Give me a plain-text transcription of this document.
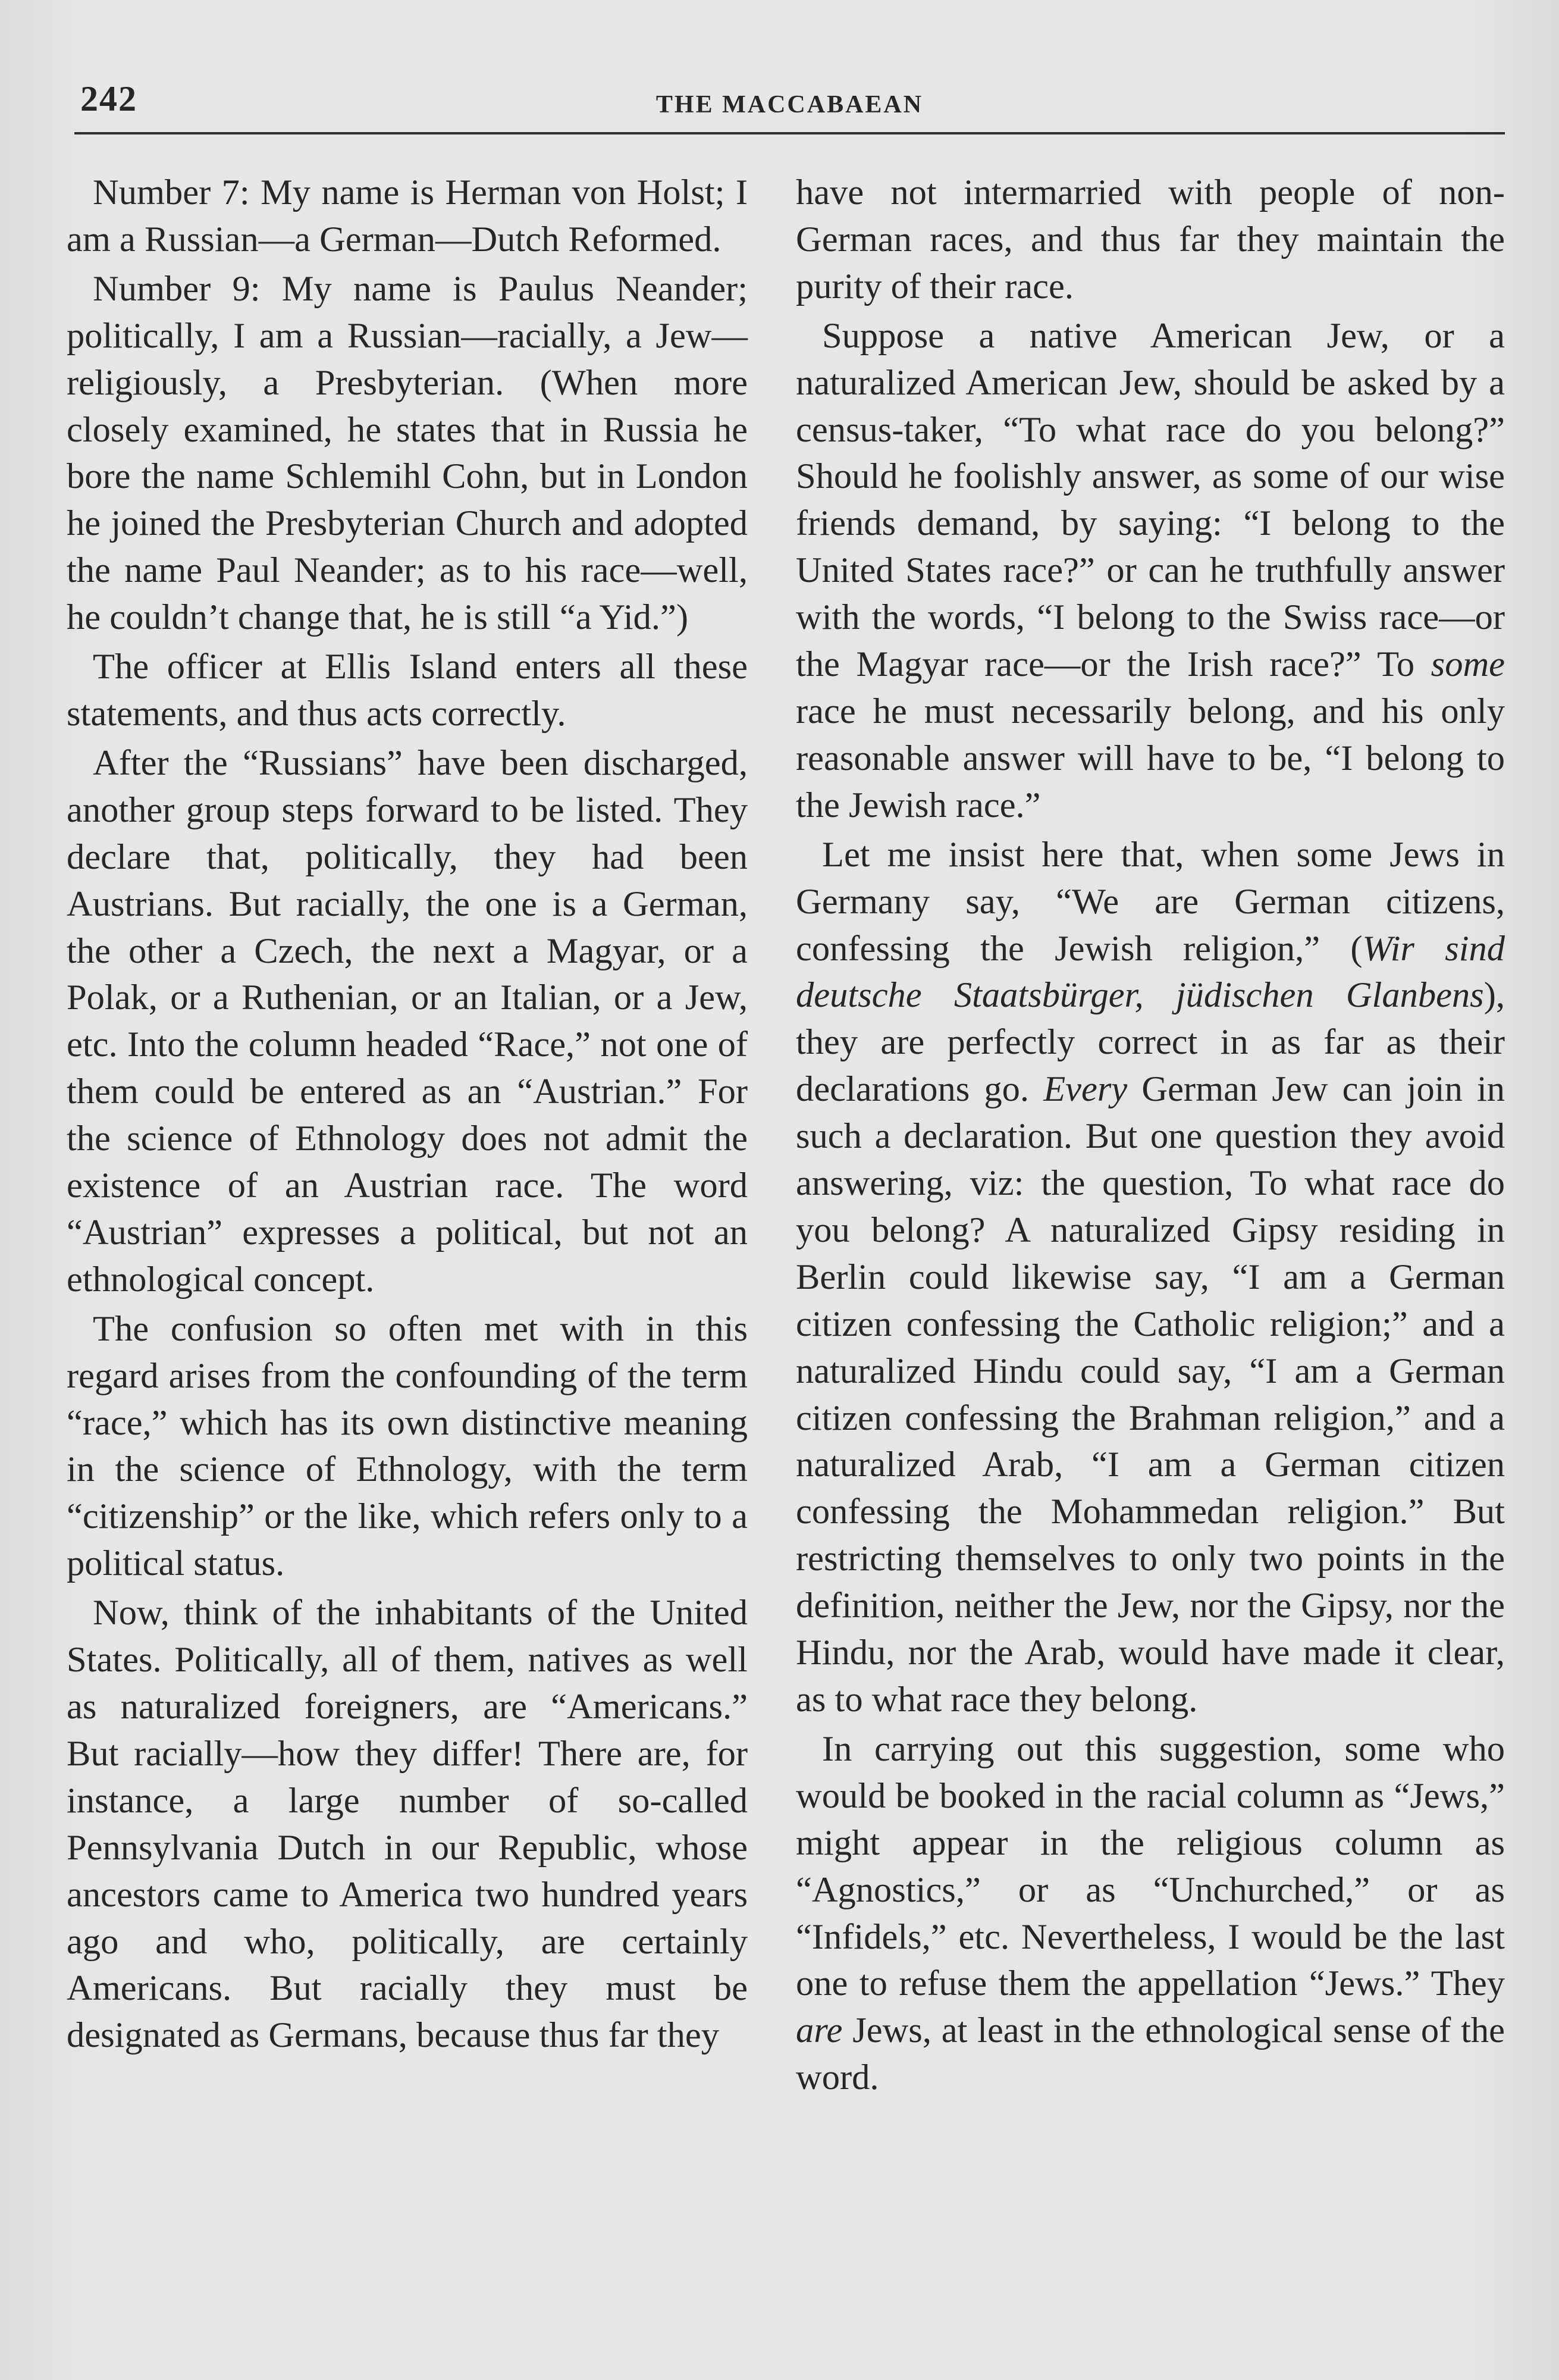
242	THE MACCABAEAN

Number 7: My name is Herman von Holst; I am a Russian—a German—Dutch Reformed.

Number 9: My name is Paulus Neander; politically, I am a Russian—racially, a Jew—religiously, a Presbyterian. (When more closely examined, he states that in Russia he bore the name Schlemihl Cohn, but in London he joined the Presbyterian Church and adopted the name Paul Neander; as to his race—well, he couldn’t change that, he is still “a Yid.”)

The officer at Ellis Island enters all these statements, and thus acts correctly.

After the “Russians” have been discharged, another group steps forward to be listed. They declare that, politically, they had been Austrians. But racially, the one is a German, the other a Czech, the next a Magyar, or a Polak, or a Ruthenian, or an Italian, or a Jew, etc. Into the column headed “Race,” not one of them could be entered as an “Austrian.” For the science of Ethnology does not admit the existence of an Austrian race. The word “Austrian” expresses a political, but not an ethnological concept.

The confusion so often met with in this regard arises from the confounding of the term “race,” which has its own distinctive meaning in the science of Ethnology, with the term “citizenship” or the like, which refers only to a political status.

Now, think of the inhabitants of the United States. Politically, all of them, natives as well as naturalized foreigners, are “Americans.” But racially—how they differ! There are, for instance, a large number of so-called Pennsylvania Dutch in our Republic, whose ancestors came to America two hundred years ago and who, politically, are certainly Americans. But racially they must be designated as Germans, because thus far they

have not intermarried with people of non-German races, and thus far they maintain the purity of their race.

Suppose a native American Jew, or a naturalized American Jew, should be asked by a census-taker, “To what race do you belong?” Should he foolishly answer, as some of our wise friends demand, by saying: “I belong to the United States race?” or can he truthfully answer with the words, “I belong to the Swiss race—or the Magyar race—or the Irish race?” To some race he must necessarily belong, and his only reasonable answer will have to be, “I belong to the Jewish race.”

Let me insist here that, when some Jews in Germany say, “We are German citizens, confessing the Jewish religion,” (Wir sind deutsche Staatsbürger, jüdischen Glanbens), they are perfectly correct in as far as their declarations go. Every German Jew can join in such a declaration. But one question they avoid answering, viz: the question, To what race do you belong? A naturalized Gipsy residing in Berlin could likewise say, “I am a German citizen confessing the Catholic religion;” and a naturalized Hindu could say, “I am a German citizen confessing the Brahman religion,” and a naturalized Arab, “I am a German citizen confessing the Mohammedan religion.” But restricting themselves to only two points in the definition, neither the Jew, nor the Gipsy, nor the Hindu, nor the Arab, would have made it clear, as to what race they belong.

In carrying out this suggestion, some who would be booked in the racial column as “Jews,” might appear in the religious column as “Agnostics,” or as “Unchurched,” or as “Infidels,” etc. Nevertheless, I would be the last one to refuse them the appellation “Jews.” They are Jews, at least in the ethnological sense of the word.
